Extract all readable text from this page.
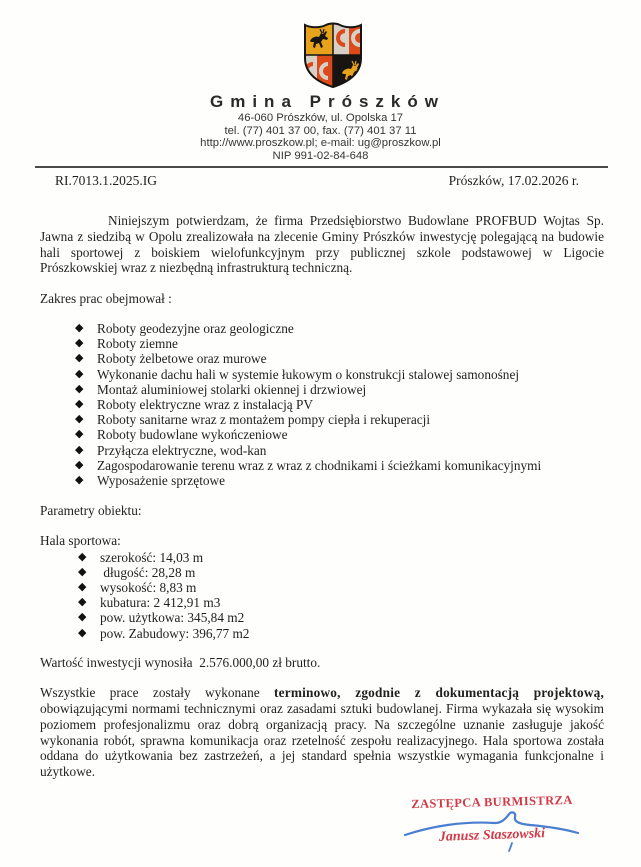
Gmina Prószków
46-060 Prószków, ul. Opolska 17
tel. (77) 401 37 00, fax. (77) 401 37 11
http://www.proszkow.pl; e-mail: ug@proszkow.pl
NIP 991-02-84-648
RI.7013.1.2025.IG	Prószków, 17.02.2026 r.

Niniejszym potwierdzam, że firma Przedsiębiorstwo Budowlane PROFBUD Wojtas Sp. Jawna z siedzibą w Opolu zrealizowała na zlecenie Gminy Prószków inwestycję polegającą na budowie hali sportowej z boiskiem wielofunkcyjnym przy publicznej szkole podstawowej w Ligocie Prószkowskiej wraz z niezbędną infrastrukturą techniczną.

Zakres prac obejmował :

◆	Roboty geodezyjne oraz geologiczne
◆	Roboty ziemne
◆	Roboty żelbetowe oraz murowe
◆	Wykonanie dachu hali w systemie łukowym o konstrukcji stalowej samonośnej
◆	Montaż aluminiowej stolarki okiennej i drzwiowej
◆	Roboty elektryczne wraz z instalacją PV
◆	Roboty sanitarne wraz z montażem pompy ciepła i rekuperacji
◆	Roboty budowlane wykończeniowe
◆	Przyłącza elektryczne, wod-kan
◆	Zagospodarowanie terenu wraz z wraz z chodnikami i ścieżkami komunikacyjnymi
◆	Wyposażenie sprzętowe

Parametry obiektu:

Hala sportowa:

◆	szerokość: 14,03 m
◆	długość: 28,28 m
◆	wysokość: 8,83 m
◆	kubatura: 2 412,91 m3
◆	pow. użytkowa: 345,84 m2
◆	pow. Zabudowy: 396,77 m2

Wartość inwestycji wynosiła  2.576.000,00 zł brutto.

Wszystkie prace zostały wykonane terminowo, zgodnie z dokumentacją projektową, obowiązującymi normami technicznymi oraz zasadami sztuki budowlanej. Firma wykazała się wysokim poziomem profesjonalizmu oraz dobrą organizacją pracy. Na szczególne uznanie zasługuje jakość wykonania robót, sprawna komunikacja oraz rzetelność zespołu realizacyjnego. Hala sportowa została oddana do użytkowania bez zastrzeżeń, a jej standard spełnia wszystkie wymagania funkcjonalne i użytkowe.

ZASTĘPCA BURMISTRZA
Janusz Staszowski
